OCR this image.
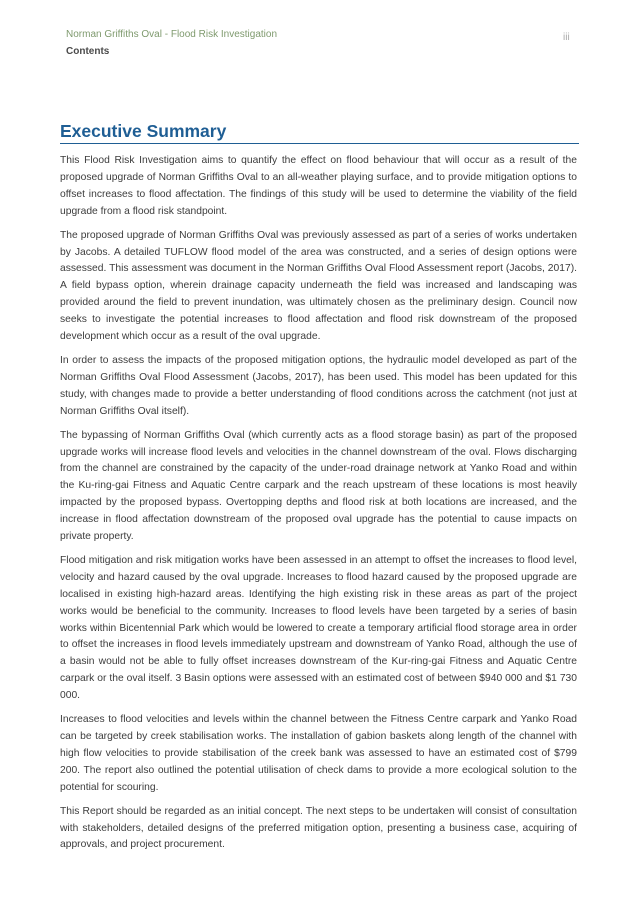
Norman Griffiths Oval - Flood Risk Investigation
Contents
iii
Executive Summary

This Flood Risk Investigation aims to quantify the effect on flood behaviour that will occur as a result of the proposed upgrade of Norman Griffiths Oval to an all-weather playing surface, and to provide mitigation options to offset increases to flood affectation. The findings of this study will be used to determine the viability of the field upgrade from a flood risk standpoint.

The proposed upgrade of Norman Griffiths Oval was previously assessed as part of a series of works undertaken by Jacobs. A detailed TUFLOW flood model of the area was constructed, and a series of design options were assessed. This assessment was document in the Norman Griffiths Oval Flood Assessment report (Jacobs, 2017). A field bypass option, wherein drainage capacity underneath the field was increased and landscaping was provided around the field to prevent inundation, was ultimately chosen as the preliminary design. Council now seeks to investigate the potential increases to flood affectation and flood risk downstream of the proposed development which occur as a result of the oval upgrade.

In order to assess the impacts of the proposed mitigation options, the hydraulic model developed as part of the Norman Griffiths Oval Flood Assessment (Jacobs, 2017), has been used. This model has been updated for this study, with changes made to provide a better understanding of flood conditions across the catchment (not just at Norman Griffiths Oval itself).

The bypassing of Norman Griffiths Oval (which currently acts as a flood storage basin) as part of the proposed upgrade works will increase flood levels and velocities in the channel downstream of the oval. Flows discharging from the channel are constrained by the capacity of the under-road drainage network at Yanko Road and within the Ku-ring-gai Fitness and Aquatic Centre carpark and the reach upstream of these locations is most heavily impacted by the proposed bypass. Overtopping depths and flood risk at both locations are increased, and the increase in flood affectation downstream of the proposed oval upgrade has the potential to cause impacts on private property.

Flood mitigation and risk mitigation works have been assessed in an attempt to offset the increases to flood level, velocity and hazard caused by the oval upgrade. Increases to flood hazard caused by the proposed upgrade are localised in existing high-hazard areas. Identifying the high existing risk in these areas as part of the project works would be beneficial to the community. Increases to flood levels have been targeted by a series of basin works within Bicentennial Park which would be lowered to create a temporary artificial flood storage area in order to offset the increases in flood levels immediately upstream and downstream of Yanko Road, although the use of a basin would not be able to fully offset increases downstream of the Kur-ring-gai Fitness and Aquatic Centre carpark or the oval itself. 3 Basin options were assessed with an estimated cost of between $940 000 and $1 730 000.

Increases to flood velocities and levels within the channel between the Fitness Centre carpark and Yanko Road can be targeted by creek stabilisation works. The installation of gabion baskets along length of the channel with high flow velocities to provide stabilisation of the creek bank was assessed to have an estimated cost of $799 200. The report also outlined the potential utilisation of check dams to provide a more ecological solution to the potential for scouring.

This Report should be regarded as an initial concept. The next steps to be undertaken will consist of consultation with stakeholders, detailed designs of the preferred mitigation option, presenting a business case, acquiring of approvals, and project procurement.
